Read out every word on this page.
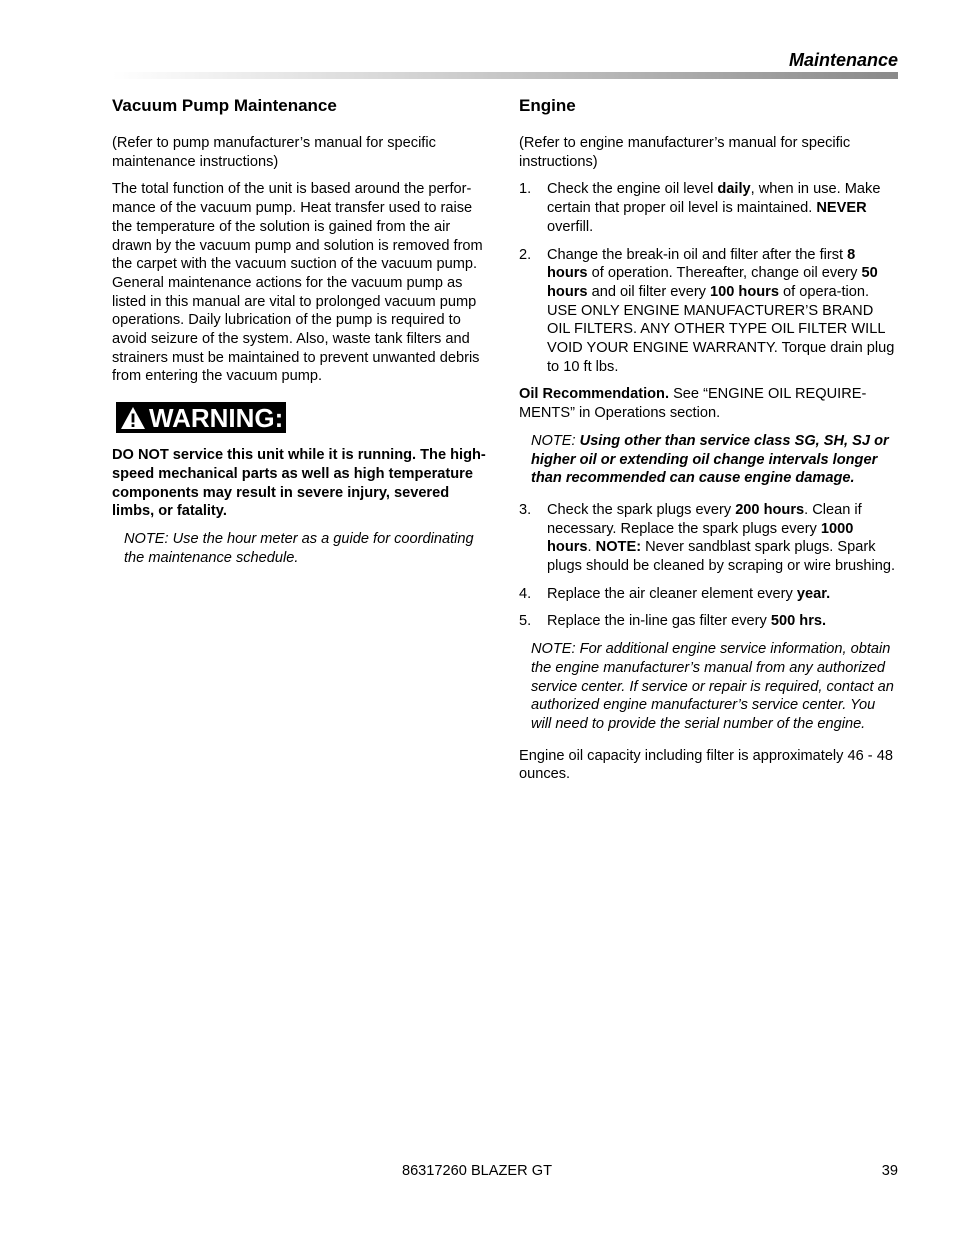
Maintenance
Vacuum Pump Maintenance

(Refer to pump manufacturer’s manual for specific maintenance instructions)

The total function of the unit is based around the perfor-mance of the vacuum pump. Heat transfer used to raise the temperature of the solution is gained from the air drawn by the vacuum pump and solution is removed from the carpet with the vacuum suction of the vacuum pump. General maintenance actions for the vacuum pump as listed in this manual are vital to prolonged vacuum pump operations. Daily lubrication of the pump is required to avoid seizure of the system. Also, waste tank filters and strainers must be maintained to prevent unwanted debris from entering the vacuum pump.

WARNING:

DO NOT service this unit while it is running. The high-speed mechanical parts as well as high temperature components may result in severe injury, severed limbs, or fatality.

NOTE: Use the hour meter as a guide for coordinating the maintenance schedule.

Engine

(Refer to engine manufacturer’s manual for specific instructions)

1. Check the engine oil level daily, when in use. Make certain that proper oil level is maintained. NEVER overfill.
2. Change the break-in oil and filter after the first 8 hours of operation. Thereafter, change oil every 50 hours and oil filter every 100 hours of opera-tion. USE ONLY ENGINE MANUFACTURER’S BRAND OIL FILTERS. ANY OTHER TYPE OIL FILTER WILL VOID YOUR ENGINE WARRANTY. Torque drain plug to 10 ft lbs.

Oil Recommendation. See “ENGINE OIL REQUIRE-MENTS” in Operations section.

NOTE: Using other than service class SG, SH, SJ or higher oil or extending oil change intervals longer than recommended can cause engine damage.

3. Check the spark plugs every 200 hours. Clean if necessary. Replace the spark plugs every 1000 hours. NOTE: Never sandblast spark plugs. Spark plugs should be cleaned by scraping or wire brushing.
4. Replace the air cleaner element every year.
5. Replace the in-line gas filter every 500 hrs.

NOTE: For additional engine service information, obtain the engine manufacturer’s manual from any authorized service center. If service or repair is required, contact an authorized engine manufacturer’s service center. You will need to provide the serial number of the engine.

Engine oil capacity including filter is approximately 46 - 48 ounces.

86317260 BLAZER GT	39
